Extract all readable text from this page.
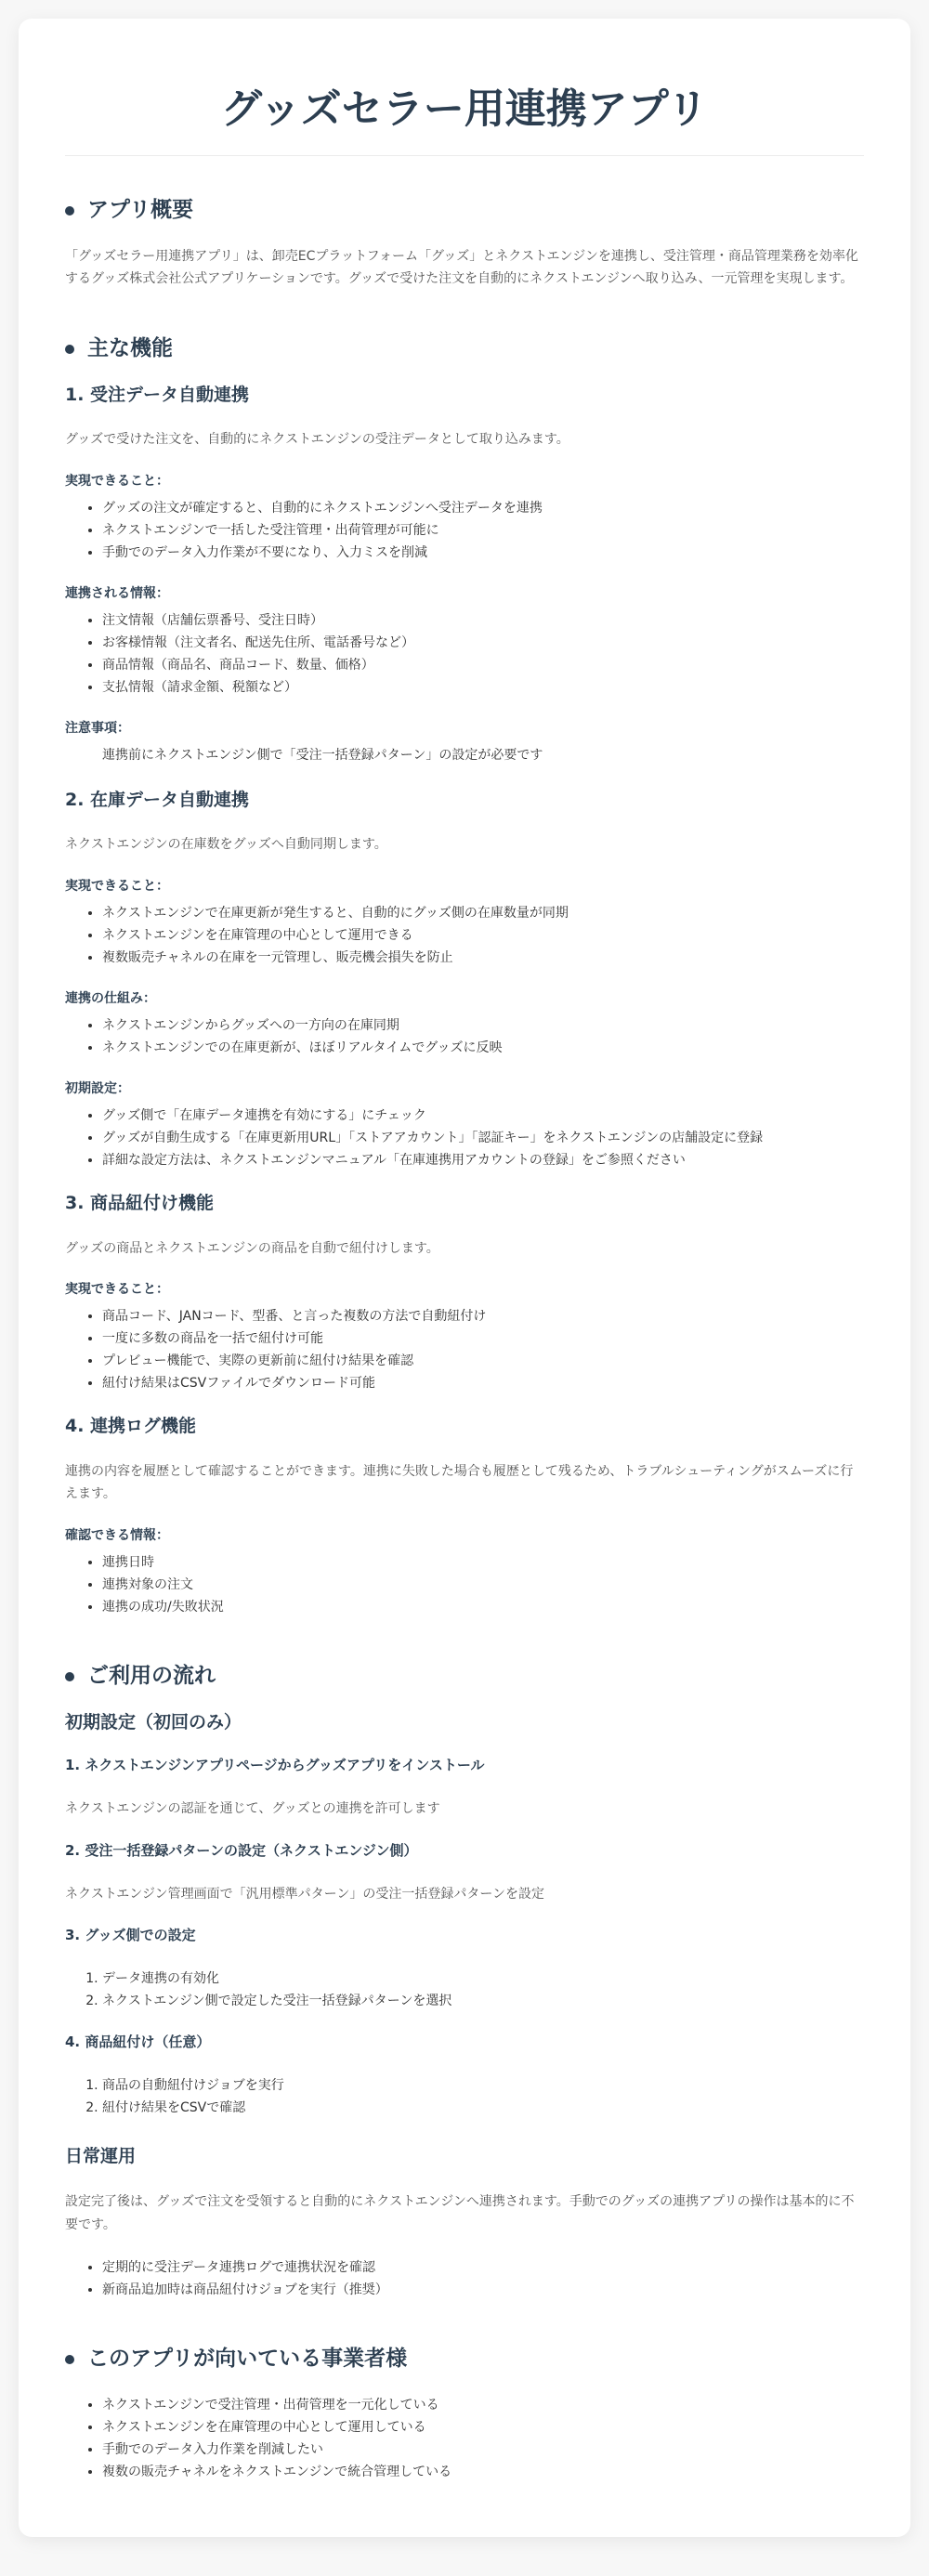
グッズセラー用連携アプリ
アプリ概要

「グッズセラー用連携アプリ」は、卸売ECプラットフォーム「グッズ」とネクストエンジンを連携し、受注管理・商品管理業務を効率化するグッズ株式会社公式アプリケーションです。グッズで受けた注文を自動的にネクストエンジンへ取り込み、一元管理を実現します。

主な機能
1. 受注データ自動連携

グッズで受けた注文を、自動的にネクストエンジンの受注データとして取り込みます。

実現できること：
• グッズの注文が確定すると、自動的にネクストエンジンへ受注データを連携
• ネクストエンジンで一括した受注管理・出荷管理が可能に
• 手動でのデータ入力作業が不要になり、入力ミスを削減
連携される情報：
• 注文情報（店舗伝票番号、受注日時）
• お客様情報（注文者名、配送先住所、電話番号など）
• 商品情報（商品名、商品コード、数量、価格）
• 支払情報（請求金額、税額など）
注意事項：
連携前にネクストエンジン側で「受注一括登録パターン」の設定が必要です
2. 在庫データ自動連携

ネクストエンジンの在庫数をグッズへ自動同期します。

実現できること：
• ネクストエンジンで在庫更新が発生すると、自動的にグッズ側の在庫数量が同期
• ネクストエンジンを在庫管理の中心として運用できる
• 複数販売チャネルの在庫を一元管理し、販売機会損失を防止
連携の仕組み：
• ネクストエンジンからグッズへの一方向の在庫同期
• ネクストエンジンでの在庫更新が、ほぼリアルタイムでグッズに反映
初期設定：
• グッズ側で「在庫データ連携を有効にする」にチェック
• グッズが自動生成する「在庫更新用URL」「ストアアカウント」「認証キー」をネクストエンジンの店舗設定に登録
• 詳細な設定方法は、ネクストエンジンマニュアル「在庫連携用アカウントの登録」をご参照ください
3. 商品紐付け機能

グッズの商品とネクストエンジンの商品を自動で紐付けします。

実現できること：
• 商品コード、JANコード、型番、と言った複数の方法で自動紐付け
• 一度に多数の商品を一括で紐付け可能
• プレビュー機能で、実際の更新前に紐付け結果を確認
• 紐付け結果はCSVファイルでダウンロード可能
4. 連携ログ機能

連携の内容を履歴として確認することができます。連携に失敗した場合も履歴として残るため、トラブルシューティングがスムーズに行えます。

確認できる情報：
• 連携日時
• 連携対象の注文
• 連携の成功/失敗状況
ご利用の流れ
初期設定（初回のみ）
1. ネクストエンジンアプリページからグッズアプリをインストール

ネクストエンジンの認証を通じて、グッズとの連携を許可します

2. 受注一括登録パターンの設定（ネクストエンジン側）

ネクストエンジン管理画面で「汎用標準パターン」の受注一括登録パターンを設定

3. グッズ側での設定
1. データ連携の有効化
2. ネクストエンジン側で設定した受注一括登録パターンを選択
4. 商品紐付け（任意）
1. 商品の自動紐付けジョブを実行
2. 紐付け結果をCSVで確認
日常運用

設定完了後は、グッズで注文を受領すると自動的にネクストエンジンへ連携されます。手動でのグッズの連携アプリの操作は基本的に不要です。

• 定期的に受注データ連携ログで連携状況を確認
• 新商品追加時は商品紐付けジョブを実行（推奨）
このアプリが向いている事業者様
• ネクストエンジンで受注管理・出荷管理を一元化している
• ネクストエンジンを在庫管理の中心として運用している
• 手動でのデータ入力作業を削減したい
• 複数の販売チャネルをネクストエンジンで統合管理している
